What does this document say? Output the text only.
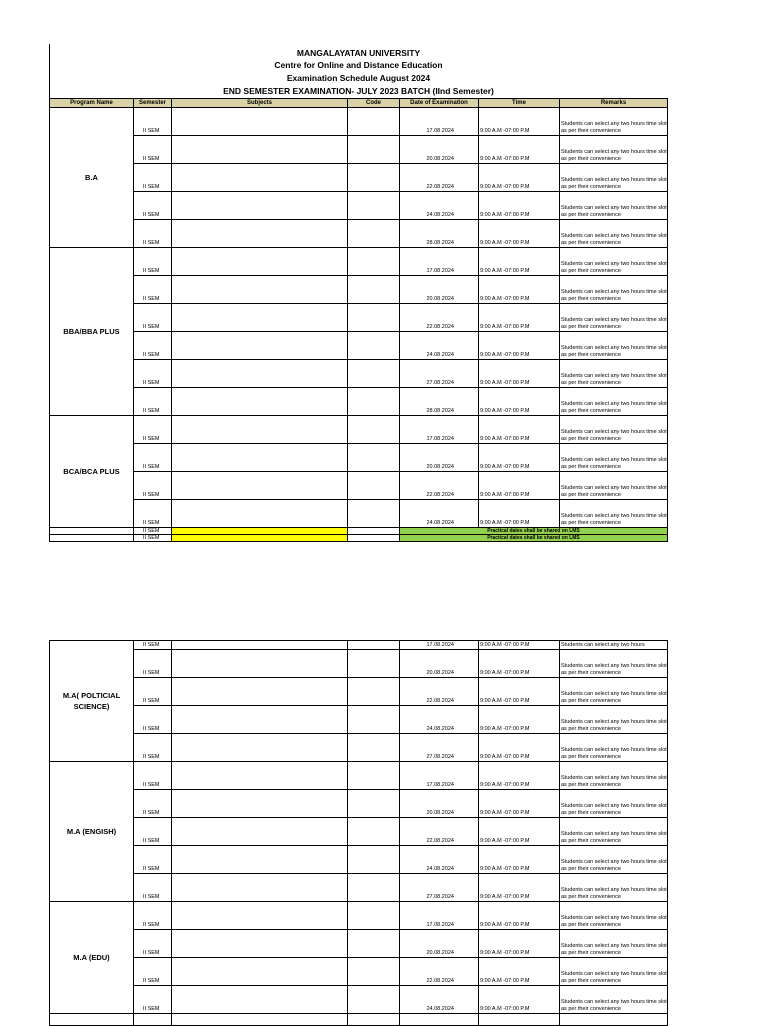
MANGALAYATAN UNIVERSITY
Centre for Online and Distance Education
Examination Schedule August 2024
END SEMESTER EXAMINATION- JULY 2023 BATCH (IInd Semester)
Program Name	Semester	Subjects	Code	Date of Examination	Time	Remarks
B.A	II SEM			17.08.2024	9:00 A.M -07:00 P.M	Students can select any two hours time slot as per their convenience
	II SEM			20.08.2024	9:00 A.M -07:00 P.M	Students can select any two hours time slot as per their convenience
	II SEM			22.08.2024	9:00 A.M -07:00 P.M	Students can select any two hours time slot as per their convenience
	II SEM			24.08.2024	9:00 A.M -07:00 P.M	Students can select any two hours time slot as per their convenience
	II SEM			28.08.2024	9:00 A.M -07:00 P.M	Students can select any two hours time slot as per their convenience
BBA/BBA PLUS	II SEM			17.08.2024	9:00 A.M -07:00 P.M	Students can select any two hours time slot as per their convenience
	II SEM			20.08.2024	9:00 A.M -07:00 P.M	Students can select any two hours time slot as per their convenience
	II SEM			22.08.2024	9:00 A.M -07:00 P.M	Students can select any two hours time slot as per their convenience
	II SEM			24.08.2024	9:00 A.M -07:00 P.M	Students can select any two hours time slot as per their convenience
	II SEM			27.08.2024	9:00 A.M -07:00 P.M	Students can select any two hours time slot as per their convenience
	II SEM			28.08.2024	9:00 A.M -07:00 P.M	Students can select any two hours time slot as per their convenience
BCA/BCA PLUS	II SEM			17.08.2024	9:00 A.M -07:00 P.M	Students can select any two hours time slot as per their convenience
	II SEM			20.08.2024	9:00 A.M -07:00 P.M	Students can select any two hours time slot as per their convenience
	II SEM			22.08.2024	9:00 A.M -07:00 P.M	Students can select any two hours time slot as per their convenience
	II SEM			24.08.2024	9:00 A.M -07:00 P.M	Students can select any two hours time slot as per their convenience
	II SEM			Practical dates shall be shared on LMS		
	II SEM			Practical dates shall be shared on LMS		
M.A( POLTICIAL SCIENCE)	II SEM			17.08.2024	9:00 A.M -07:00 P.M	Students can select any two hours
	II SEM			20.08.2024	9:00 A.M -07:00 P.M	Students can select any two hours time slot as per their convenience
	II SEM			22.08.2024	9:00 A.M -07:00 P.M	Students can select any two hours time slot as per their convenience
	II SEM			24.08.2024	9:00 A.M -07:00 P.M	Students can select any two hours time slot as per their convenience
	II SEM			27.08.2024	9:00 A.M -07:00 P.M	Students can select any two hours time slot as per their convenience
M.A (ENGISH)	II SEM			17.08.2024	9:00 A.M -07:00 P.M	Students can select any two hours time slot as per their convenience
	II SEM			20.08.2024	9:00 A.M -07:00 P.M	Students can select any two hours time slot as per their convenience
	II SEM			22.08.2024	9:00 A.M -07:00 P.M	Students can select any two hours time slot as per their convenience
	II SEM			24.08.2024	9:00 A.M -07:00 P.M	Students can select any two hours time slot as per their convenience
	II SEM			27.08.2024	9:00 A.M -07:00 P.M	Students can select any two hours time slot as per their convenience
M.A (EDU)	II SEM			17.08.2024	9:00 A.M -07:00 P.M	Students can select any two hours time slot as per their convenience
	II SEM			20.08.2024	9:00 A.M -07:00 P.M	Students can select any two hours time slot as per their convenience
	II SEM			22.08.2024	9:00 A.M -07:00 P.M	Students can select any two hours time slot as per their convenience
	II SEM			24.08.2024	9:00 A.M -07:00 P.M	Students can select any two hours time slot as per their convenience
